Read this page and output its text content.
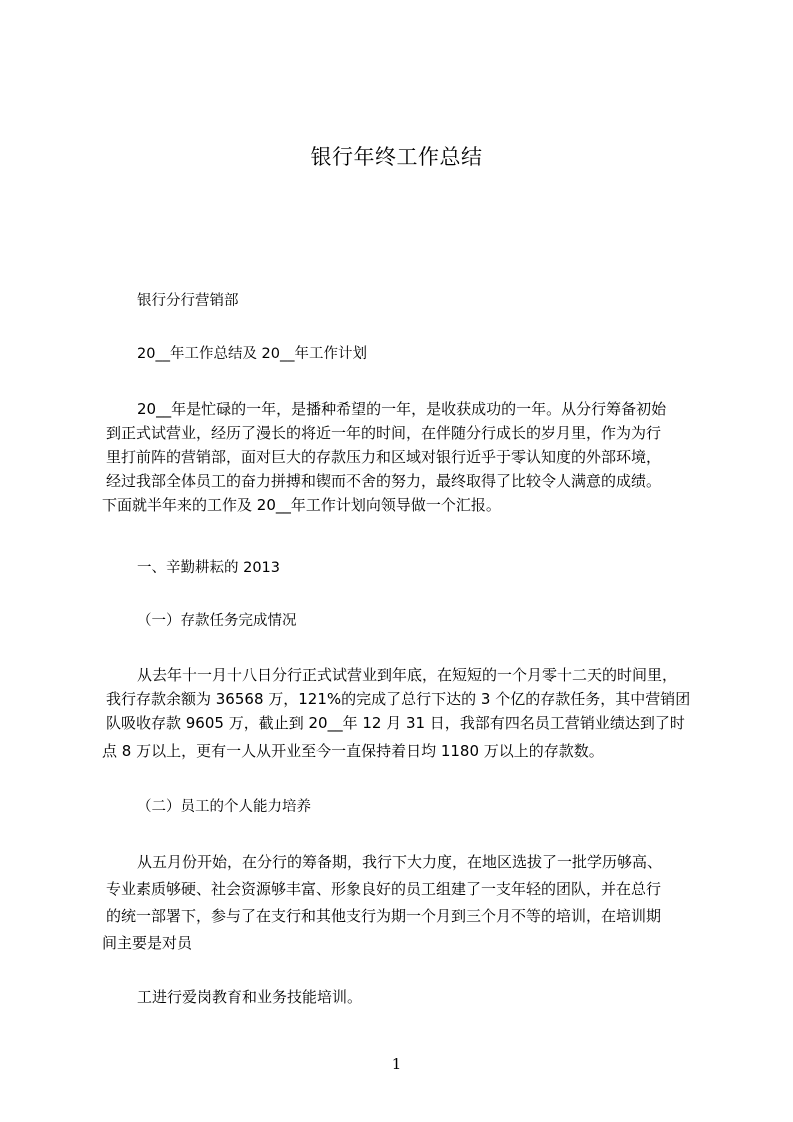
银行年终工作总结
银行分行营销部
20__年工作总结及 20__年工作计划
20__年是忙碌的一年，是播种希望的一年，是收获成功的一年。从分行筹备初始
到正式试营业，经历了漫长的将近一年的时间，在伴随分行成长的岁月里，作为为行
里打前阵的营销部，面对巨大的存款压力和区域对银行近乎于零认知度的外部环境，
经过我部全体员工的奋力拼搏和锲而不舍的努力，最终取得了比较令人满意的成绩。
下面就半年来的工作及 20__年工作计划向领导做一个汇报。
一、辛勤耕耘的 2013
（一）存款任务完成情况
从去年十一月十八日分行正式试营业到年底，在短短的一个月零十二天的时间里，
我行存款余额为 36568 万，121%的完成了总行下达的 3 个亿的存款任务，其中营销团
队吸收存款 9605 万，截止到 20__年 12 月 31 日，我部有四名员工营销业绩达到了时
点 8 万以上，更有一人从开业至今一直保持着日均 1180 万以上的存款数。
（二）员工的个人能力培养
从五月份开始，在分行的筹备期，我行下大力度，在地区选拔了一批学历够高、
专业素质够硬、社会资源够丰富、形象良好的员工组建了一支年轻的团队，并在总行
的统一部署下，参与了在支行和其他支行为期一个月到三个月不等的培训，在培训期
间主要是对员
工进行爱岗教育和业务技能培训。
1
